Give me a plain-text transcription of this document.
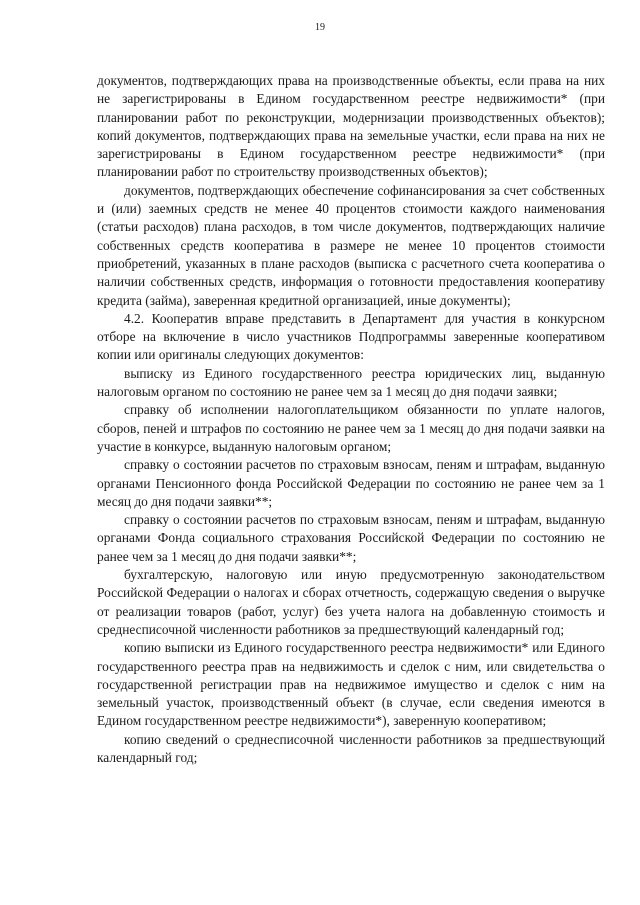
19

документов, подтверждающих права на производственные объекты, если права на них не зарегистрированы в Едином государственном реестре недвижимости* (при планировании работ по реконструкции, модернизации производственных объектов); копий документов, подтверждающих права на земельные участки, если права на них не зарегистрированы в Едином государственном реестре недвижимости* (при планировании работ по строительству производственных объектов);

документов, подтверждающих обеспечение софинансирования за счет собственных и (или) заемных средств не менее 40 процентов стоимости каждого наименования (статьи расходов) плана расходов, в том числе документов, подтверждающих наличие собственных средств кооператива в размере не менее 10 процентов стоимости приобретений, указанных в плане расходов (выписка с расчетного счета кооператива о наличии собственных средств, информация о готовности предоставления кооперативу кредита (займа), заверенная кредитной организацией, иные документы);

4.2. Кооператив вправе представить в Департамент для участия в конкурсном отборе на включение в число участников Подпрограммы заверенные кооперативом копии или оригиналы следующих документов:

выписку из Единого государственного реестра юридических лиц, выданную налоговым органом по состоянию не ранее чем за 1 месяц до дня подачи заявки;

справку об исполнении налогоплательщиком обязанности по уплате налогов, сборов, пеней и штрафов по состоянию не ранее чем за 1 месяц до дня подачи заявки на участие в конкурсе, выданную налоговым органом;

справку о состоянии расчетов по страховым взносам, пеням и штрафам, выданную органами Пенсионного фонда Российской Федерации по состоянию не ранее чем за 1 месяц до дня подачи заявки**;

справку о состоянии расчетов по страховым взносам, пеням и штрафам, выданную органами Фонда социального страхования Российской Федерации по состоянию не ранее чем за 1 месяц до дня подачи заявки**;

бухгалтерскую, налоговую или иную предусмотренную законодательством Российской Федерации о налогах и сборах отчетность, содержащую сведения о выручке от реализации товаров (работ, услуг) без учета налога на добавленную стоимость и среднесписочной численности работников за предшествующий календарный год;

копию выписки из Единого государственного реестра недвижимости* или Единого государственного реестра прав на недвижимость и сделок с ним, или свидетельства о государственной регистрации прав на недвижимое имущество и сделок с ним на земельный участок, производственный объект (в случае, если сведения имеются в Едином государственном реестре недвижимости*), заверенную кооперативом;

копию сведений о среднесписочной численности работников за предшествующий календарный год;
